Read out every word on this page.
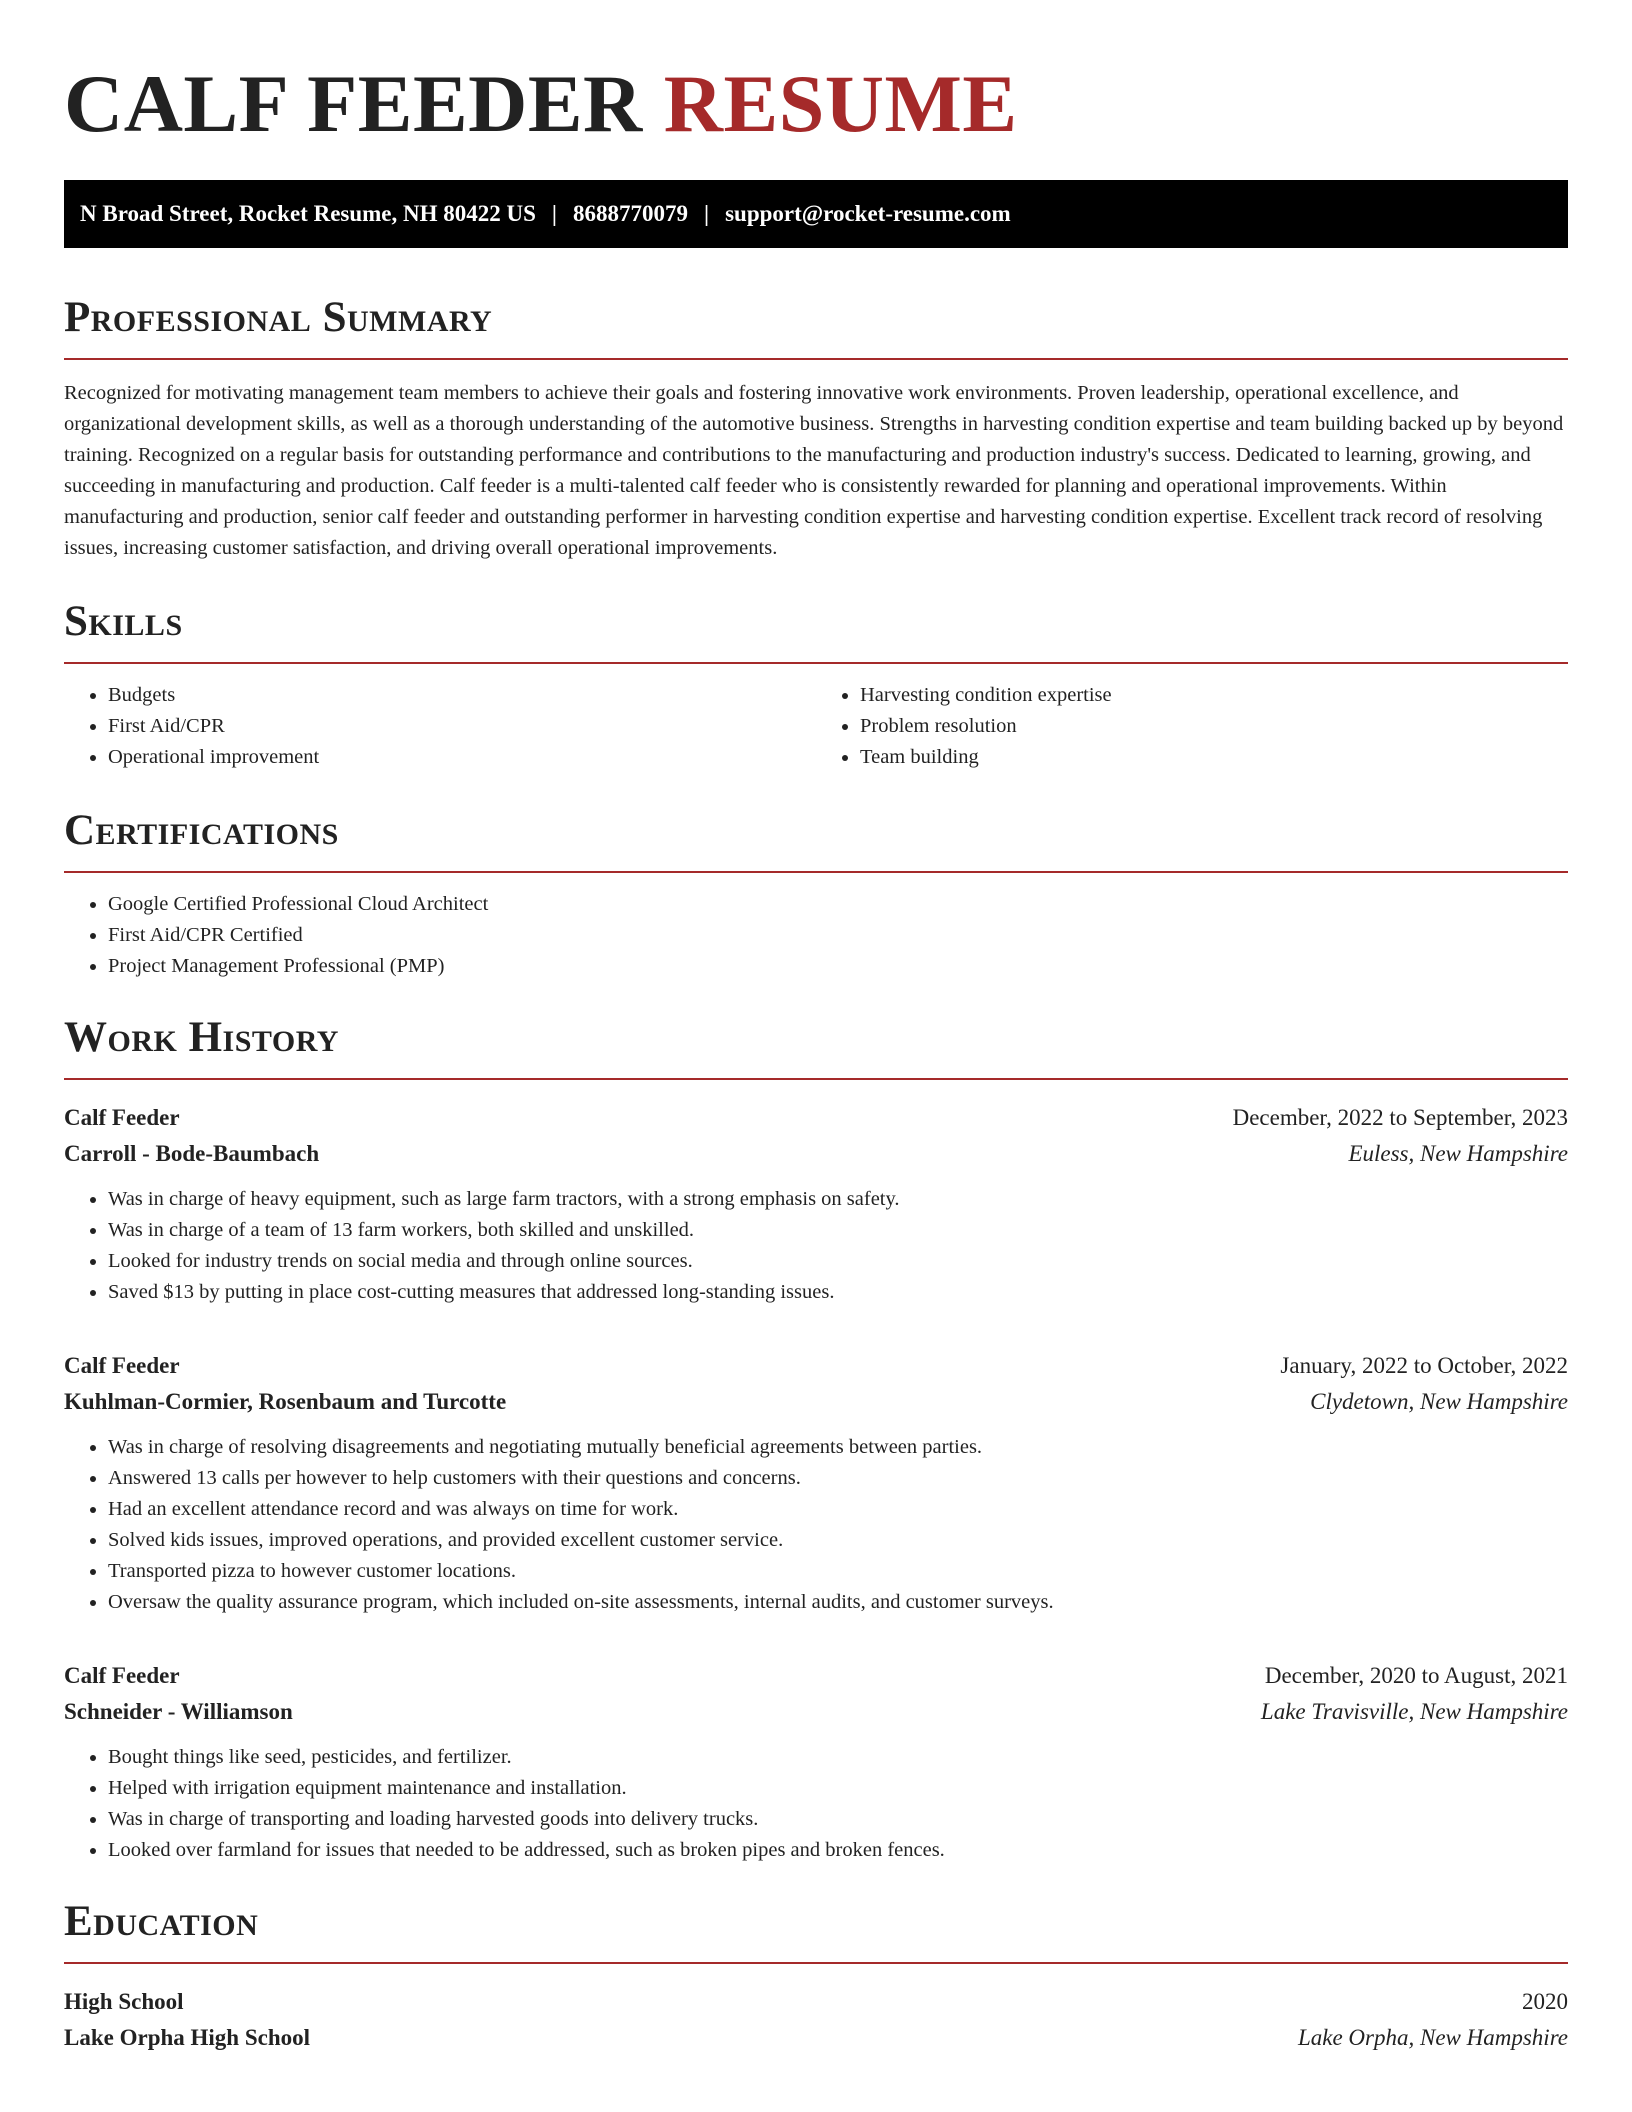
CALF FEEDER RESUME
N Broad Street, Rocket Resume, NH 80422 US | 8688770079 | support@rocket-resume.com
Professional Summary

Recognized for motivating management team members to achieve their goals and fostering innovative work environments. Proven leadership, operational excellence, and organizational development skills, as well as a thorough understanding of the automotive business. Strengths in harvesting condition expertise and team building backed up by beyond training. Recognized on a regular basis for outstanding performance and contributions to the manufacturing and production industry's success. Dedicated to learning, growing, and succeeding in manufacturing and production. Calf feeder is a multi-talented calf feeder who is consistently rewarded for planning and operational improvements. Within manufacturing and production, senior calf feeder and outstanding performer in harvesting condition expertise and harvesting condition expertise. Excellent track record of resolving issues, increasing customer satisfaction, and driving overall operational improvements.

Skills
• Budgets
• First Aid/CPR
• Operational improvement
• Harvesting condition expertise
• Problem resolution
• Team building
Certifications
• Google Certified Professional Cloud Architect
• First Aid/CPR Certified
• Project Management Professional (PMP)
Work History
Calf Feeder	December, 2022 to September, 2023
Carroll - Bode-Baumbach	Euless, New Hampshire
• Was in charge of heavy equipment, such as large farm tractors, with a strong emphasis on safety.
• Was in charge of a team of 13 farm workers, both skilled and unskilled.
• Looked for industry trends on social media and through online sources.
• Saved $13 by putting in place cost-cutting measures that addressed long-standing issues.
Calf Feeder	January, 2022 to October, 2022
Kuhlman-Cormier, Rosenbaum and Turcotte	Clydetown, New Hampshire
• Was in charge of resolving disagreements and negotiating mutually beneficial agreements between parties.
• Answered 13 calls per however to help customers with their questions and concerns.
• Had an excellent attendance record and was always on time for work.
• Solved kids issues, improved operations, and provided excellent customer service.
• Transported pizza to however customer locations.
• Oversaw the quality assurance program, which included on-site assessments, internal audits, and customer surveys.
Calf Feeder	December, 2020 to August, 2021
Schneider - Williamson	Lake Travisville, New Hampshire
• Bought things like seed, pesticides, and fertilizer.
• Helped with irrigation equipment maintenance and installation.
• Was in charge of transporting and loading harvested goods into delivery trucks.
• Looked over farmland for issues that needed to be addressed, such as broken pipes and broken fences.
Education
High School	2020
Lake Orpha High School	Lake Orpha, New Hampshire
